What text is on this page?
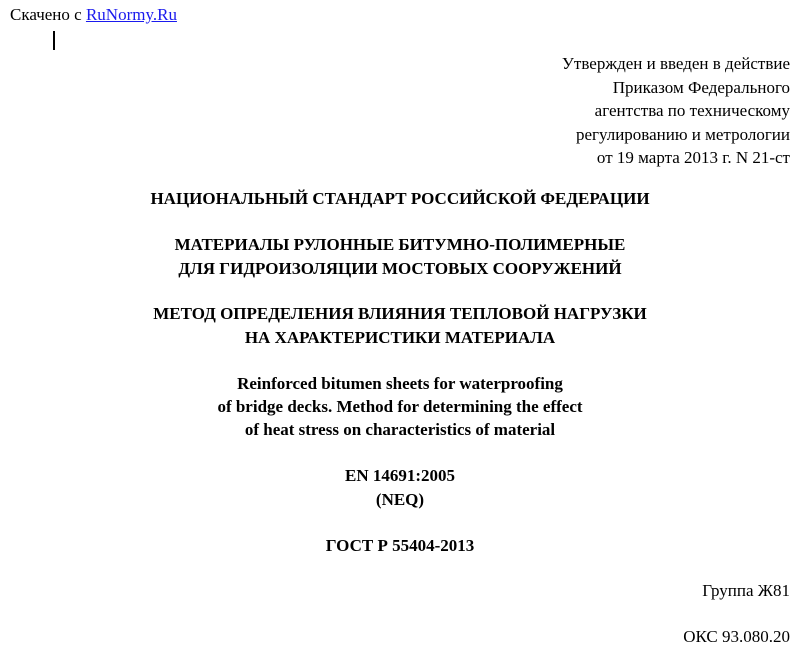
Скачено с RuNormy.Ru
Утвержден и введен в действие
Приказом Федерального
агентства по техническому
регулированию и метрологии
от 19 марта 2013 г. N 21-ст
НАЦИОНАЛЬНЫЙ СТАНДАРТ РОССИЙСКОЙ ФЕДЕРАЦИИ
МАТЕРИАЛЫ РУЛОННЫЕ БИТУМНО-ПОЛИМЕРНЫЕ
ДЛЯ ГИДРОИЗОЛЯЦИИ МОСТОВЫХ СООРУЖЕНИЙ
МЕТОД ОПРЕДЕЛЕНИЯ ВЛИЯНИЯ ТЕПЛОВОЙ НАГРУЗКИ
НА ХАРАКТЕРИСТИКИ МАТЕРИАЛА
Reinforced bitumen sheets for waterproofing
of bridge decks. Method for determining the effect
of heat stress on characteristics of material
EN 14691:2005
(NEQ)
ГОСТ Р 55404-2013
Группа Ж81
ОКС 93.080.20
